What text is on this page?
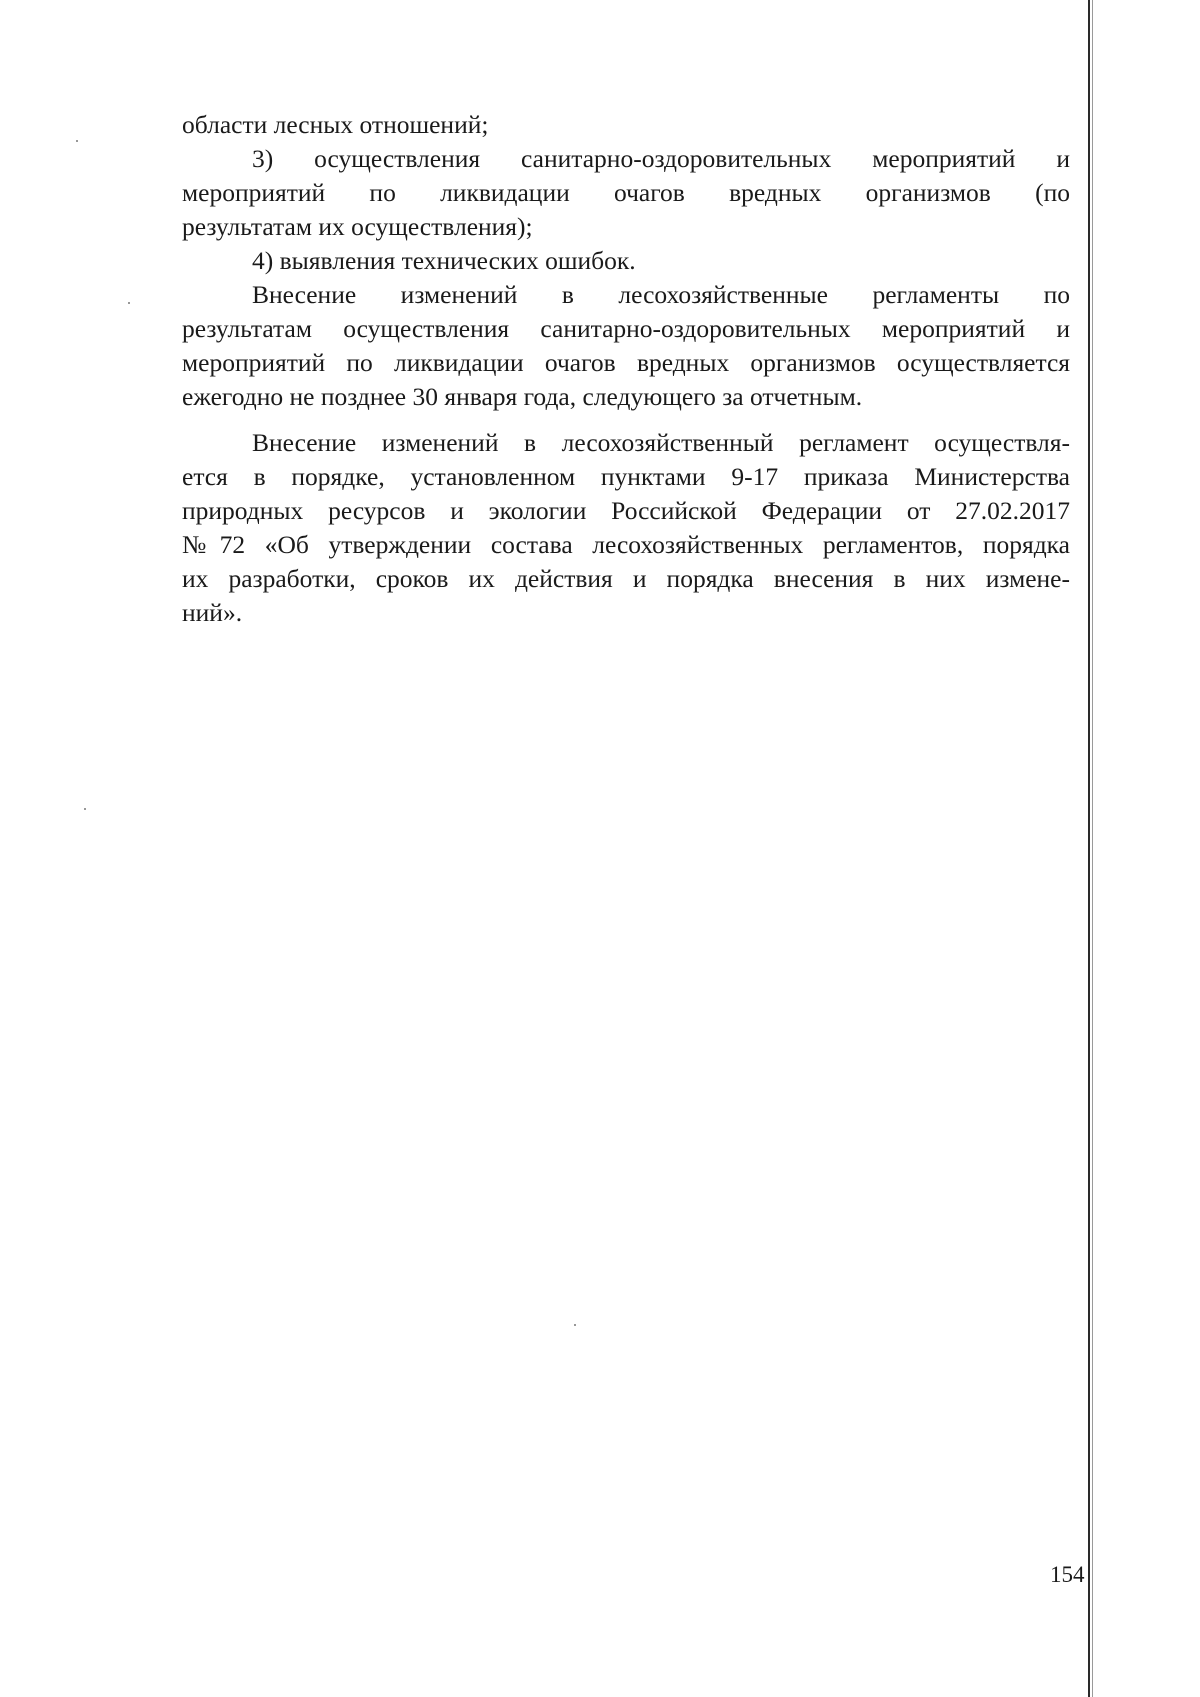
области лесных отношений;
3) осуществления санитарно-оздоровительных мероприятий и
мероприятий по ликвидации очагов вредных организмов (по
результатам их осуществления);
4) выявления технических ошибок.
Внесение изменений в лесохозяйственные регламенты по
результатам осуществления санитарно-оздоровительных мероприятий и
мероприятий по ликвидации очагов вредных организмов осуществляется
ежегодно не позднее 30 января года, следующего за отчетным.
Внесение изменений в лесохозяйственный регламент осуществля-
ется в порядке, установленном пунктами 9-17 приказа Министерства
природных ресурсов и экологии Российской Федерации от 27.02.2017
№72 «Об утверждении состава лесохозяйственных регламентов, порядка
их разработки, сроков их действия и порядка внесения в них измене-
ний».
154
